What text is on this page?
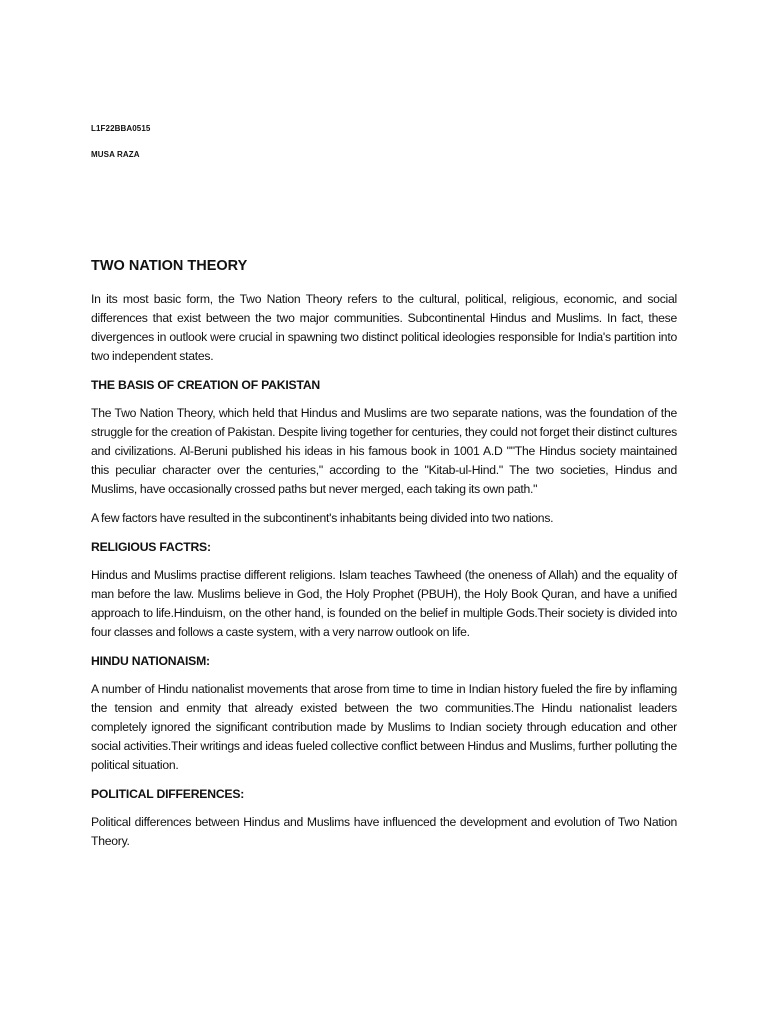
L1F22BBA0515
MUSA RAZA
TWO NATION THEORY

In its most basic form, the Two Nation Theory refers to the cultural, political, religious, economic, and social differences that exist between the two major communities. Subcontinental Hindus and Muslims. In fact, these divergences in outlook were crucial in spawning two distinct political ideologies responsible for India's partition into two independent states.

THE BASIS OF CREATION OF PAKISTAN

The Two Nation Theory, which held that Hindus and Muslims are two separate nations, was the foundation of the struggle for the creation of Pakistan. Despite living together for centuries, they could not forget their distinct cultures and civilizations. Al-Beruni published his ideas in his famous book in 1001 A.D ""The Hindus society maintained this peculiar character over the centuries," according to the "Kitab-ul-Hind." The two societies, Hindus and Muslims, have occasionally crossed paths but never merged, each taking its own path."

A few factors have resulted in the subcontinent's inhabitants being divided into two nations.

RELIGIOUS FACTRS:

Hindus and Muslims practise different religions. Islam teaches Tawheed (the oneness of Allah) and the equality of man before the law. Muslims believe in God, the Holy Prophet (PBUH), the Holy Book Quran, and have a unified approach to life.Hinduism, on the other hand, is founded on the belief in multiple Gods.Their society is divided into four classes and follows a caste system, with a very narrow outlook on life.

HINDU NATIONAISM:

A number of Hindu nationalist movements that arose from time to time in Indian history fueled the fire by inflaming the tension and enmity that already existed between the two communities.The Hindu nationalist leaders completely ignored the significant contribution made by Muslims to Indian society through education and other social activities.Their writings and ideas fueled collective conflict between Hindus and Muslims, further polluting the political situation.

POLITICAL DIFFERENCES:

Political differences between Hindus and Muslims have influenced the development and evolution of Two Nation Theory.
